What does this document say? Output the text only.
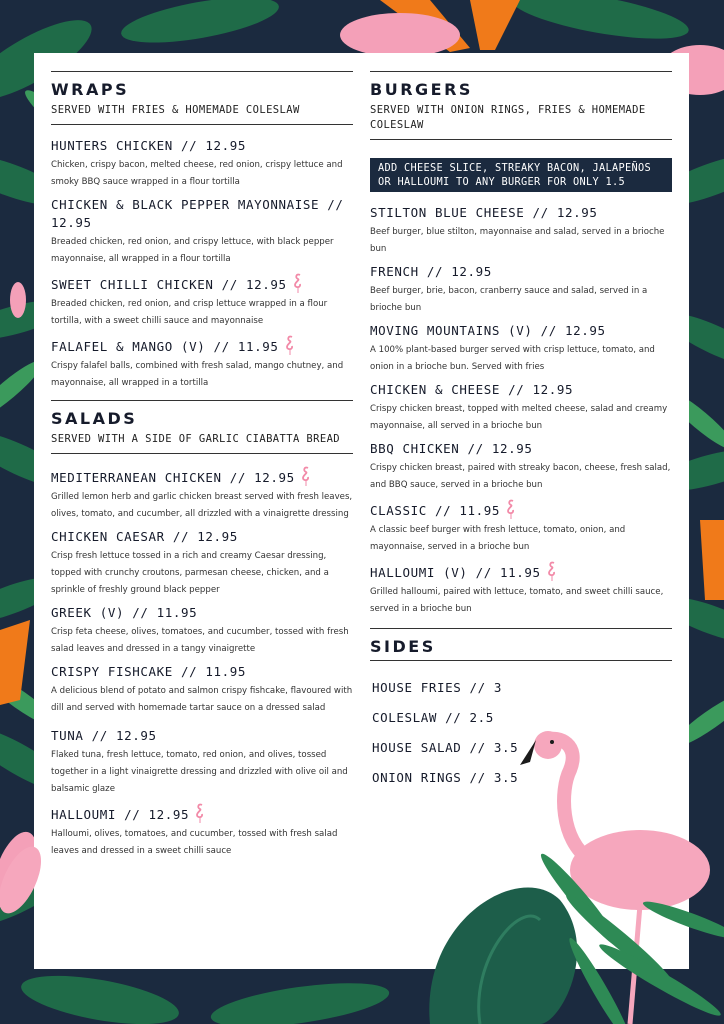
WRAPS
SERVED WITH FRIES & HOMEMADE COLESLAW
HUNTERS CHICKEN // 12.95
Chicken, crispy bacon, melted cheese, red onion, crispy lettuce and smoky BBQ sauce wrapped in a flour tortilla
CHICKEN & BLACK PEPPER MAYONNAISE // 12.95
Breaded chicken, red onion, and crispy lettuce, with black pepper mayonnaise, all wrapped in a flour tortilla
SWEET CHILLI CHICKEN // 12.95
Breaded chicken, red onion, and crisp lettuce wrapped in a flour tortilla, with a sweet chilli sauce and mayonnaise
FALAFEL & MANGO (V) // 11.95
Crispy falafel balls, combined with fresh salad, mango chutney, and mayonnaise, all wrapped in a tortilla
SALADS
SERVED WITH A SIDE OF GARLIC CIABATTA BREAD
MEDITERRANEAN CHICKEN // 12.95
Grilled lemon herb and garlic chicken breast served with fresh leaves, olives, tomato, and cucumber, all drizzled with a vinaigrette dressing
CHICKEN CAESAR // 12.95
Crisp fresh lettuce tossed in a rich and creamy Caesar dressing, topped with crunchy croutons, parmesan cheese, chicken, and a sprinkle of freshly ground black pepper
GREEK (V) // 11.95
Crisp feta cheese, olives, tomatoes, and cucumber, tossed with fresh salad leaves and dressed in a tangy vinaigrette
CRISPY FISHCAKE // 11.95
A delicious blend of potato and salmon crispy fishcake, flavoured with dill and served with homemade tartar sauce on a dressed salad
TUNA // 12.95
Flaked tuna, fresh lettuce, tomato, red onion, and olives, tossed together in a light vinaigrette dressing and drizzled with olive oil and balsamic glaze
HALLOUMI // 12.95
Halloumi, olives, tomatoes, and cucumber, tossed with fresh salad leaves and dressed in a sweet chilli sauce
BURGERS
SERVED WITH ONION RINGS, FRIES & HOMEMADE COLESLAW
ADD CHEESE SLICE, STREAKY BACON, JALAPEÑOS OR HALLOUMI TO ANY BURGER FOR ONLY 1.5
STILTON BLUE CHEESE // 12.95
Beef burger, blue stilton, mayonnaise and salad, served in a brioche bun
FRENCH // 12.95
Beef burger, brie, bacon, cranberry sauce and salad, served in a brioche bun
MOVING MOUNTAINS (V) // 12.95
A 100% plant-based burger served with crisp lettuce, tomato, and onion in a brioche bun. Served with fries
CHICKEN & CHEESE // 12.95
Crispy chicken breast, topped with melted cheese, salad and creamy mayonnaise, all served in a brioche bun
BBQ CHICKEN // 12.95
Crispy chicken breast, paired with streaky bacon, cheese, fresh salad, and BBQ sauce, served in a brioche bun
CLASSIC // 11.95
A classic beef burger with fresh lettuce, tomato, onion, and mayonnaise, served in a brioche bun
HALLOUMI (V) // 11.95
Grilled halloumi, paired with lettuce, tomato, and sweet chilli sauce, served in a brioche bun
SIDES
HOUSE FRIES // 3
COLESLAW // 2.5
HOUSE SALAD // 3.5
ONION RINGS // 3.5
